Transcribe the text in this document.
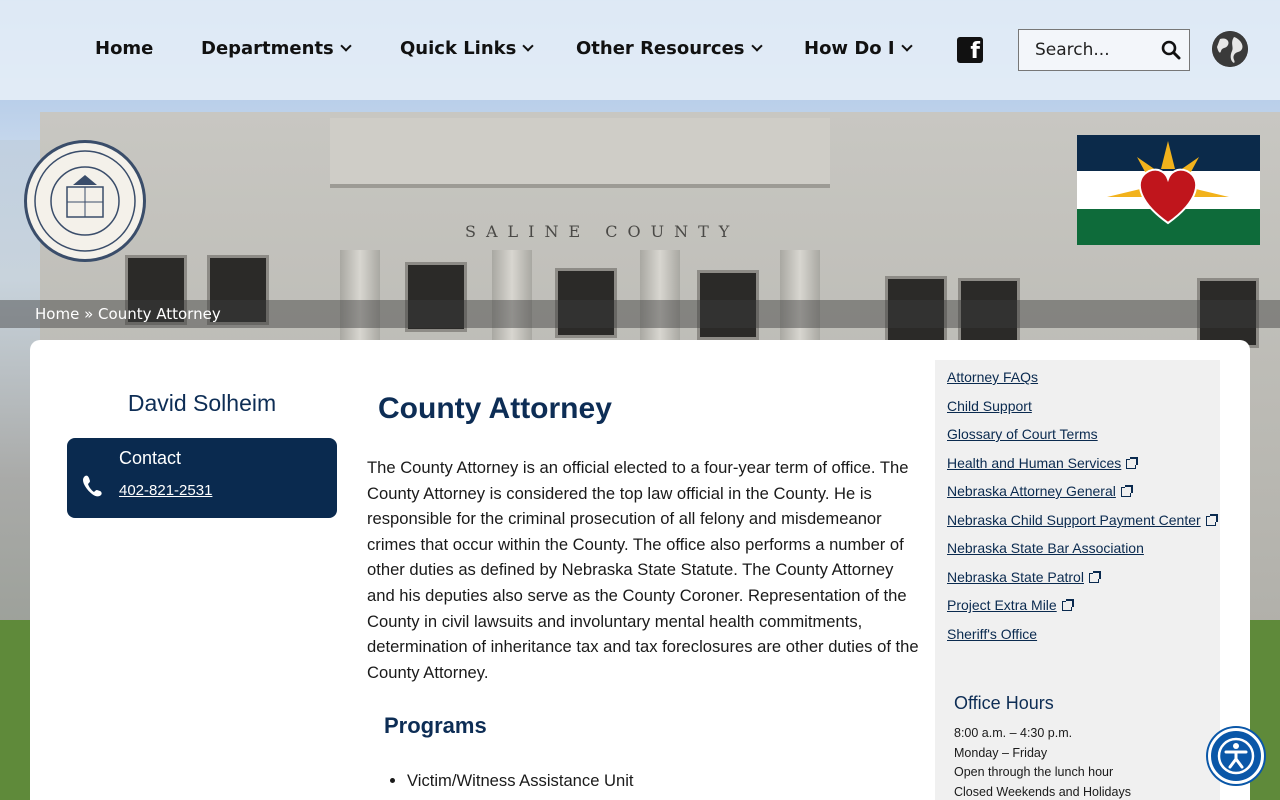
SALINE COUNTY
Home	Departments	Quick Links	Other Resources	How Do I	f
Search...
Home » County Attorney
David Solheim
Contact
402-821-2531
County Attorney

The County Attorney is an official elected to a four-year term of office. The County Attorney is considered the top law official in the County. He is responsible for the criminal prosecution of all felony and misdemeanor crimes that occur within the County. The office also performs a number of other duties as defined by Nebraska State Statute. The County Attorney and his deputies also serve as the County Coroner. Representation of the County in civil lawsuits and involuntary mental health commitments, determination of inheritance tax and tax foreclosures are other duties of the County Attorney.

Programs
• Victim/Witness Assistance Unit
Attorney FAQs
Child Support
Glossary of Court Terms
Health and Human Services
Nebraska Attorney General
Nebraska Child Support Payment Center
Nebraska State Bar Association
Nebraska State Patrol
Project Extra Mile
Sheriff's Office
Office Hours
8:00 a.m. – 4:30 p.m.
Monday – Friday
Open through the lunch hour
Closed Weekends and Holidays
